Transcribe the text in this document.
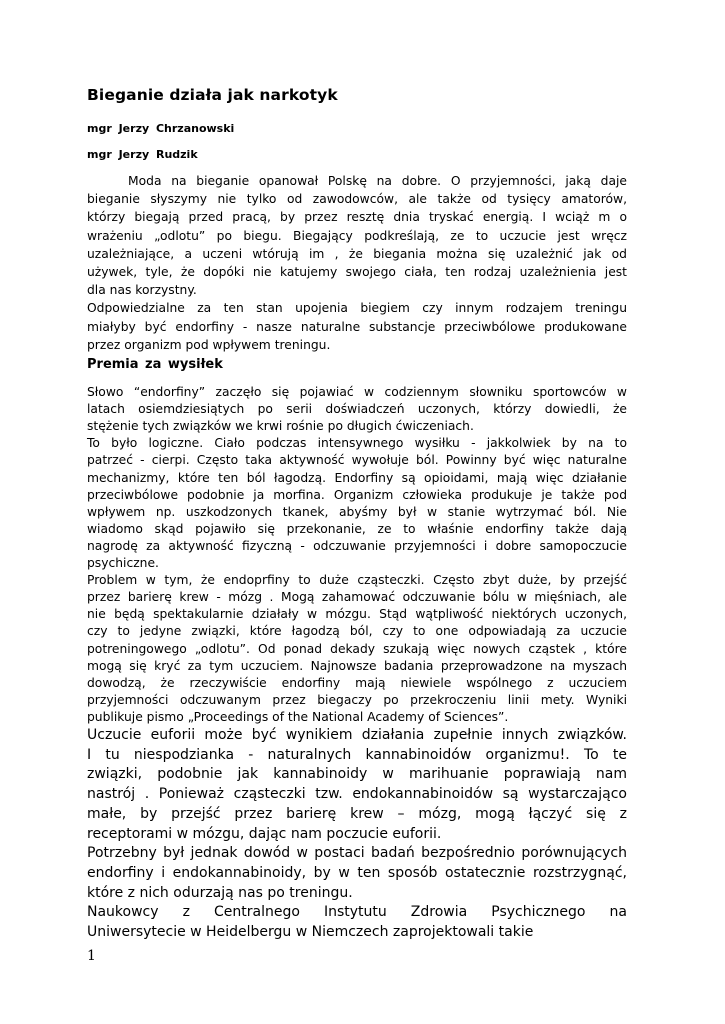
Bieganie działa jak narkotyk
mgr Jerzy Chrzanowski
mgr Jerzy Rudzik
Moda na bieganie opanował Polskę na dobre. O przyjemności, jaką daje
bieganie słyszymy nie tylko od zawodowców, ale także od tysięcy amatorów,
którzy biegają przed pracą, by przez resztę dnia tryskać energią. I wciąż m o
wrażeniu „odlotu” po biegu. Biegający podkreślają, ze to uczucie jest wręcz
uzależniające, a uczeni wtórują im , że biegania można się uzależnić jak od
używek, tyle, że dopóki nie katujemy swojego ciała, ten rodzaj uzależnienia jest
dla nas korzystny.
Odpowiedzialne za ten stan upojenia biegiem czy innym rodzajem treningu
miałyby być endorfiny - nasze naturalne substancje przeciwbólowe produkowane
przez organizm pod wpływem treningu.
Premia za wysiłek
Słowo “endorfiny” zaczęło się pojawiać w codziennym słowniku sportowców w
latach osiemdziesiątych po serii doświadczeń uczonych, którzy dowiedli, że
stężenie tych związków we krwi rośnie po długich ćwiczeniach.
To było logiczne. Ciało podczas intensywnego wysiłku - jakkolwiek by na to
patrzeć - cierpi. Często taka aktywność wywołuje ból. Powinny być więc naturalne
mechanizmy, które ten ból łagodzą. Endorfiny są opioidami, mają więc działanie
przeciwbólowe podobnie ja morfina. Organizm człowieka produkuje je także pod
wpływem np. uszkodzonych tkanek, abyśmy był w stanie wytrzymać ból. Nie
wiadomo skąd pojawiło się przekonanie, ze to właśnie endorfiny także dają
nagrodę za aktywność fizyczną - odczuwanie przyjemności i dobre samopoczucie
psychiczne.
Problem w tym, że endoprfiny to duże cząsteczki. Często zbyt duże, by przejść
przez barierę krew - mózg . Mogą zahamować odczuwanie bólu w mięśniach, ale
nie będą spektakularnie działały w mózgu. Stąd wątpliwość niektórych uczonych,
czy to jedyne związki, które łagodzą ból, czy to one odpowiadają za uczucie
potreningowego „odlotu”. Od ponad dekady szukają więc nowych cząstek , które
mogą się kryć za tym uczuciem. Najnowsze badania przeprowadzone na myszach
dowodzą, że rzeczywiście endorfiny mają niewiele wspólnego z uczuciem
przyjemności odczuwanym przez biegaczy po przekroczeniu linii mety. Wyniki
publikuje pismo „Proceedings of the National Academy of Sciences”.
Uczucie euforii może być wynikiem działania zupełnie innych związków.
I tu niespodzianka - naturalnych kannabinoidów organizmu!. To te
związki, podobnie jak kannabinoidy w marihuanie poprawiają nam
nastrój . Ponieważ cząsteczki tzw. endokannabinoidów są wystarczająco
małe, by przejść przez barierę krew – mózg, mogą łączyć się z
receptorami w mózgu, dając nam poczucie euforii.
Potrzebny był jednak dowód w postaci badań bezpośrednio porównujących
endorfiny i endokannabinoidy, by w ten sposób ostatecznie rozstrzygnąć,
które z nich odurzają nas po treningu.
Naukowcy z Centralnego Instytutu Zdrowia Psychicznego na
Uniwersytecie w Heidelbergu w Niemczech zaprojektowali takie
1
